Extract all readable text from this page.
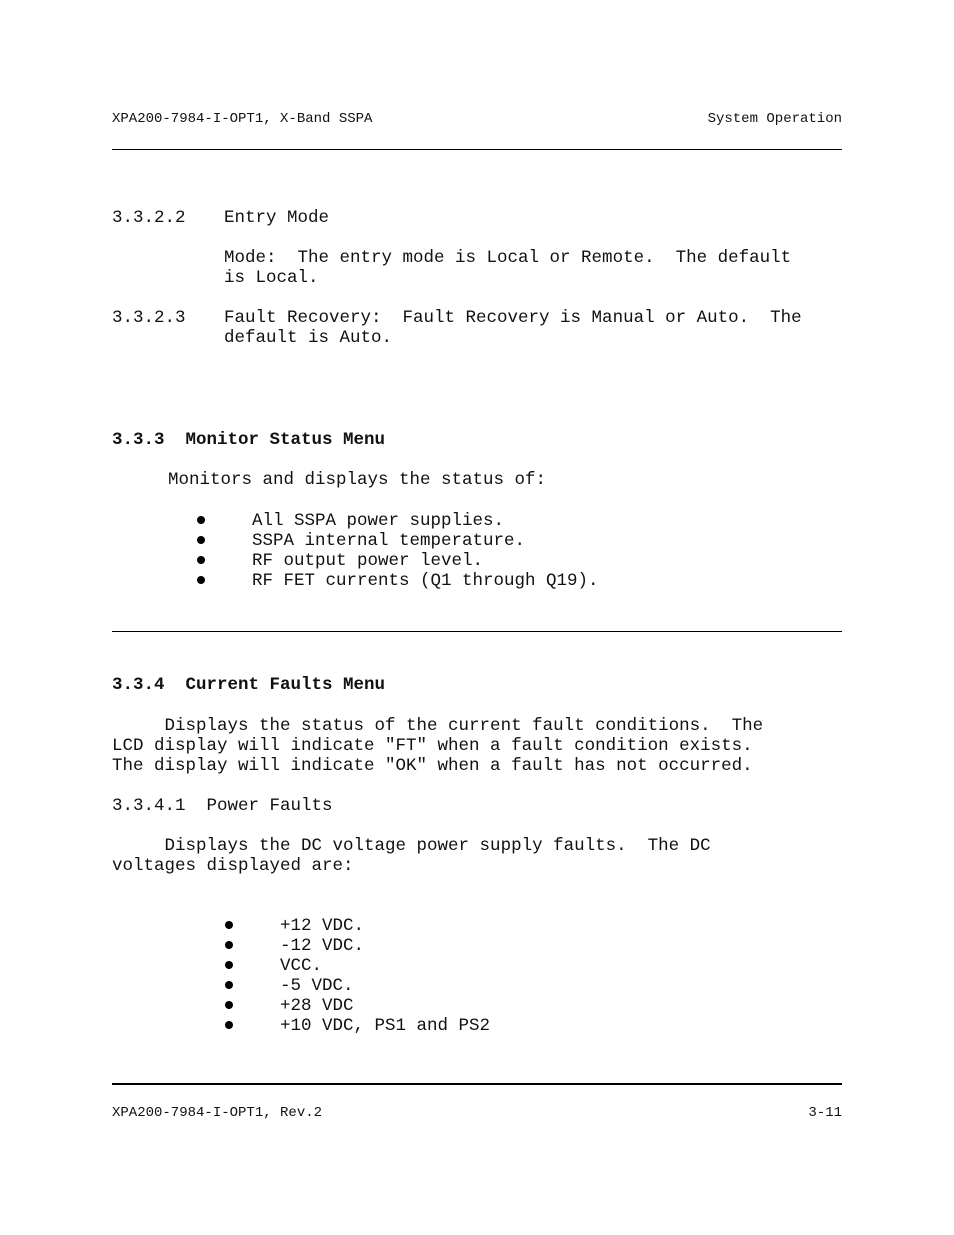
XPA200-7984-I-OPT1, X-Band SSPA	System Operation
3.3.2.2 Entry Mode
Mode:  The entry mode is Local or Remote.  The default
is Local.
3.3.2.3 Fault Recovery:  Fault Recovery is Manual or Auto.  The
default is Auto.
3.3.3  Monitor Status Menu
Monitors and displays the status of:
All SSPA power supplies.
SSPA internal temperature.
RF output power level.
RF FET currents (Q1 through Q19).
3.3.4  Current Faults Menu
Displays the status of the current fault conditions.  The
LCD display will indicate "FT" when a fault condition exists.
The display will indicate "OK" when a fault has not occurred.
3.3.4.1  Power Faults
Displays the DC voltage power supply faults.  The DC
voltages displayed are:
+12 VDC.
-12 VDC.
VCC.
-5 VDC.
+28 VDC
+10 VDC, PS1 and PS2
XPA200-7984-I-OPT1, Rev.2	3-11
